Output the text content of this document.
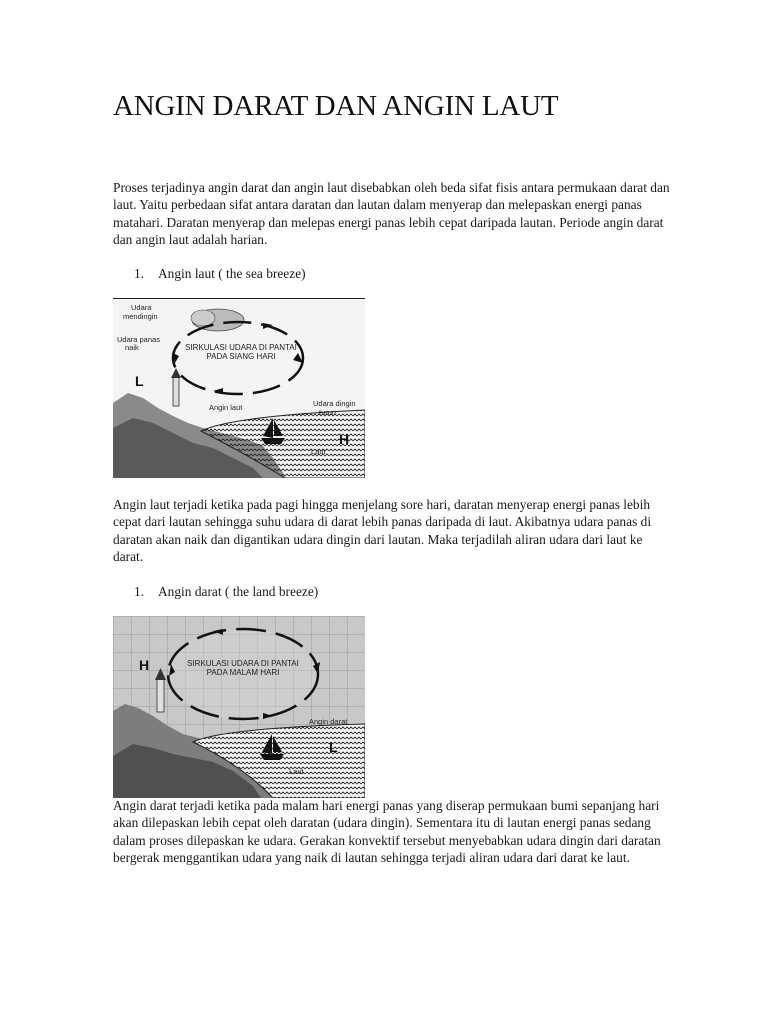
ANGIN DARAT DAN ANGIN LAUT

Proses terjadinya angin darat dan angin laut disebabkan oleh beda sifat fisis antara permukaan darat dan laut. Yaitu perbedaan sifat antara daratan dan lautan dalam menyerap dan melepaskan energi panas matahari. Daratan menyerap dan melepas energi panas lebih cepat daripada lautan. Periode angin darat dan angin laut adalah harian.

1. Angin laut ( the sea breeze)
Udara
mendingin
Udara panas
naik	SIRKULASI UDARA DI PANTAI
PADA SIANG HARI
Angin laut	Udara dingin
turun
Laut
L
H

Angin laut terjadi ketika pada pagi hingga menjelang sore hari, daratan menyerap energi panas lebih cepat dari lautan sehingga suhu udara di darat lebih panas daripada di laut. Akibatnya udara panas di daratan akan naik dan digantikan udara dingin dari lautan. Maka terjadilah aliran udara dari laut ke darat.

1. Angin darat ( the land breeze)
SIRKULASI UDARA DI PANTAI
PADA MALAM HARI
Angin darat
Laut
H
L

Angin darat terjadi ketika pada malam hari energi panas yang diserap permukaan bumi sepanjang hari akan dilepaskan lebih cepat oleh daratan (udara dingin). Sementara itu di lautan energi panas sedang dalam proses dilepaskan ke udara. Gerakan konvektif tersebut menyebabkan udara dingin dari daratan bergerak menggantikan udara yang naik di lautan sehingga terjadi aliran udara dari darat ke laut.
